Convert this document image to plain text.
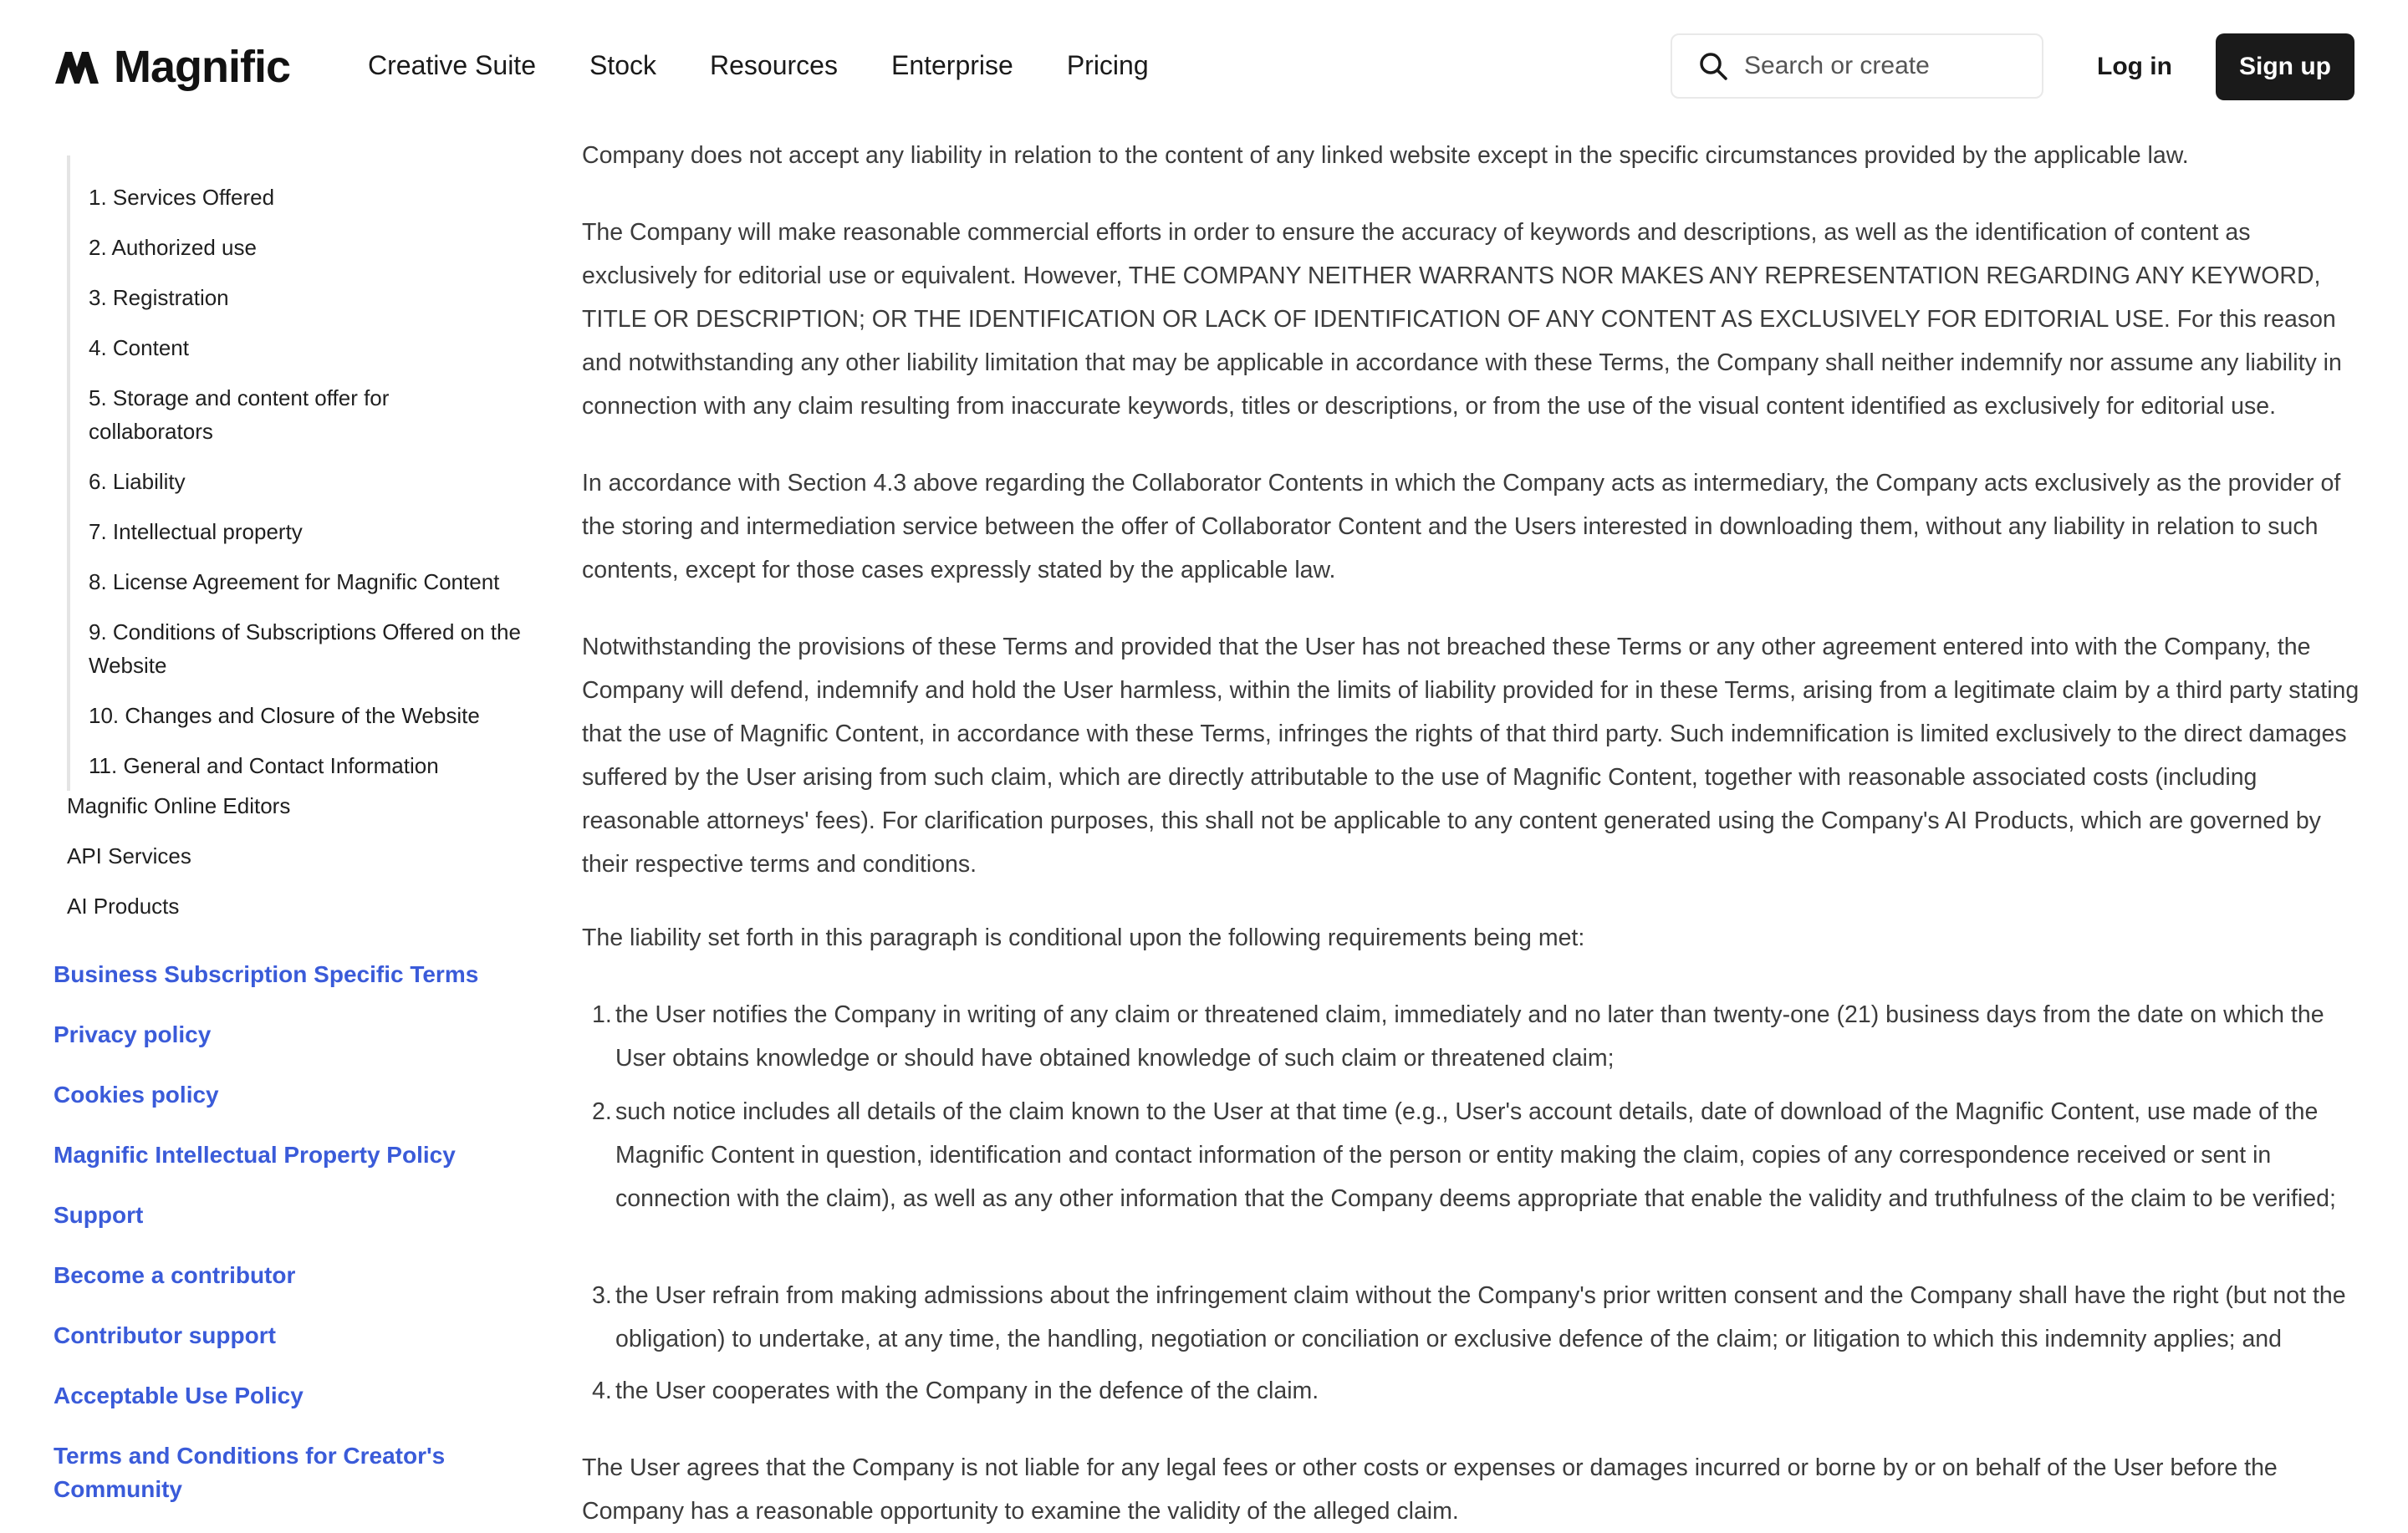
Magnific	Creative Suite Stock Resources Enterprise Pricing
Search or create	Log in	Sign up
1. Services Offered
2. Authorized use
3. Registration
4. Content
5. Storage and content offer for collaborators
6. Liability
7. Intellectual property
8. License Agreement for Magnific Content
9. Conditions of Subscriptions Offered on the Website
10. Changes and Closure of the Website
11. General and Contact Information
Magnific Online Editors
API Services
AI Products
Business Subscription Specific Terms
Privacy policy
Cookies policy
Magnific Intellectual Property Policy
Support
Become a contributor
Contributor support
Acceptable Use Policy
Terms and Conditions for Creator's Community

Company does not accept any liability in relation to the content of any linked website except in the specific circumstances provided by the applicable law.

The Company will make reasonable commercial efforts in order to ensure the accuracy of keywords and descriptions, as well as the identification of content as exclusively for editorial use or equivalent. However, THE COMPANY NEITHER WARRANTS NOR MAKES ANY REPRESENTATION REGARDING ANY KEYWORD, TITLE OR DESCRIPTION; OR THE IDENTIFICATION OR LACK OF IDENTIFICATION OF ANY CONTENT AS EXCLUSIVELY FOR EDITORIAL USE. For this reason and notwithstanding any other liability limitation that may be applicable in accordance with these Terms, the Company shall neither indemnify nor assume any liability in connection with any claim resulting from inaccurate keywords, titles or descriptions, or from the use of the visual content identified as exclusively for editorial use.

In accordance with Section 4.3 above regarding the Collaborator Contents in which the Company acts as intermediary, the Company acts exclusively as the provider of the storing and intermediation service between the offer of Collaborator Content and the Users interested in downloading them, without any liability in relation to such contents, except for those cases expressly stated by the applicable law.

Notwithstanding the provisions of these Terms and provided that the User has not breached these Terms or any other agreement entered into with the Company, the Company will defend, indemnify and hold the User harmless, within the limits of liability provided for in these Terms, arising from a legitimate claim by a third party stating that the use of Magnific Content, in accordance with these Terms, infringes the rights of that third party. Such indemnification is limited exclusively to the direct damages suffered by the User arising from such claim, which are directly attributable to the use of Magnific Content, together with reasonable associated costs (including reasonable attorneys' fees). For clarification purposes, this shall not be applicable to any content generated using the Company's AI Products, which are governed by their respective terms and conditions.

The liability set forth in this paragraph is conditional upon the following requirements being met:

1. the User notifies the Company in writing of any claim or threatened claim, immediately and no later than twenty-one (21) business days from the date on which the User obtains knowledge or should have obtained knowledge of such claim or threatened claim;
2. such notice includes all details of the claim known to the User at that time (e.g., User's account details, date of download of the Magnific Content, use made of the Magnific Content in question, identification and contact information of the person or entity making the claim, copies of any correspondence received or sent in connection with the claim), as well as any other information that the Company deems appropriate that enable the validity and truthfulness of the claim to be verified;
3. the User refrain from making admissions about the infringement claim without the Company's prior written consent and the Company shall have the right (but not the obligation) to undertake, at any time, the handling, negotiation or conciliation or exclusive defence of the claim; or litigation to which this indemnity applies; and
4. the User cooperates with the Company in the defence of the claim.

The User agrees that the Company is not liable for any legal fees or other costs or expenses or damages incurred or borne by or on behalf of the User before the Company has a reasonable opportunity to examine the validity of the alleged claim.
